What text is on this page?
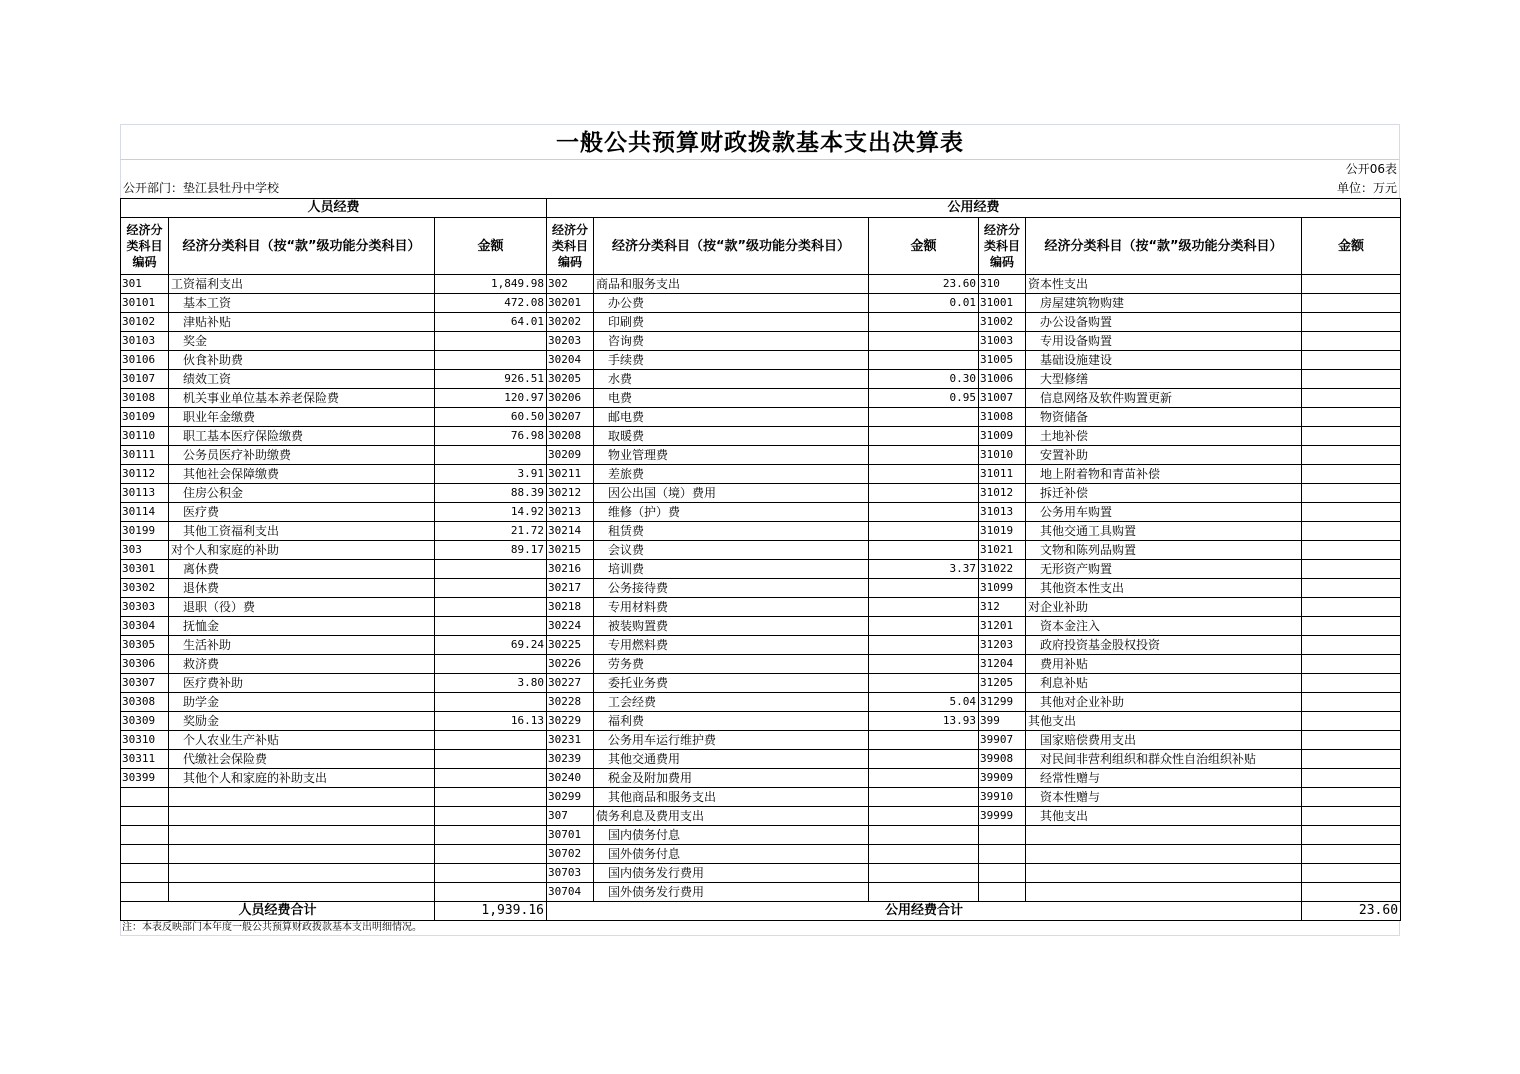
一般公共预算财政拨款基本支出决算表
公开06表
公开部门：垫江县牡丹中学校	单位：万元
人员经费			公用经费					
经济分类科目编码	经济分类科目（按“款”级功能分类科目）	金额	经济分类科目编码	经济分类科目（按“款”级功能分类科目）	金额	经济分类科目编码	经济分类科目（按“款”级功能分类科目）	金额
301	工资福利支出	1,849.98	302	商品和服务支出	23.60	310	资本性支出	
30101	基本工资	472.08	30201	办公费	0.01	31001	房屋建筑物购建	
30102	津贴补贴	64.01	30202	印刷费		31002	办公设备购置	
30103	奖金		30203	咨询费		31003	专用设备购置	
30106	伙食补助费		30204	手续费		31005	基础设施建设	
30107	绩效工资	926.51	30205	水费	0.30	31006	大型修缮	
30108	机关事业单位基本养老保险费	120.97	30206	电费	0.95	31007	信息网络及软件购置更新	
30109	职业年金缴费	60.50	30207	邮电费		31008	物资储备	
30110	职工基本医疗保险缴费	76.98	30208	取暖费		31009	土地补偿	
30111	公务员医疗补助缴费		30209	物业管理费		31010	安置补助	
30112	其他社会保障缴费	3.91	30211	差旅费		31011	地上附着物和青苗补偿	
30113	住房公积金	88.39	30212	因公出国（境）费用		31012	拆迁补偿	
30114	医疗费	14.92	30213	维修（护）费		31013	公务用车购置	
30199	其他工资福利支出	21.72	30214	租赁费		31019	其他交通工具购置	
303	对个人和家庭的补助	89.17	30215	会议费		31021	文物和陈列品购置	
30301	离休费		30216	培训费	3.37	31022	无形资产购置	
30302	退休费		30217	公务接待费		31099	其他资本性支出	
30303	退职（役）费		30218	专用材料费		312	对企业补助	
30304	抚恤金		30224	被装购置费		31201	资本金注入	
30305	生活补助	69.24	30225	专用燃料费		31203	政府投资基金股权投资	
30306	救济费		30226	劳务费		31204	费用补贴	
30307	医疗费补助	3.80	30227	委托业务费		31205	利息补贴	
30308	助学金		30228	工会经费	5.04	31299	其他对企业补助	
30309	奖励金	16.13	30229	福利费	13.93	399	其他支出	
30310	个人农业生产补贴		30231	公务用车运行维护费		39907	国家赔偿费用支出	
30311	代缴社会保险费		30239	其他交通费用		39908	对民间非营利组织和群众性自治组织补贴	
30399	其他个人和家庭的补助支出		30240	税金及附加费用		39909	经常性赠与	
			30299	其他商品和服务支出		39910	资本性赠与	
			307	债务利息及费用支出		39999	其他支出	
			30701	国内债务付息				
			30702	国外债务付息				
			30703	国内债务发行费用				
			30704	国外债务发行费用				
人员经费合计		1,939.16	公用经费合计					23.60
注：本表反映部门本年度一般公共预算财政拨款基本支出明细情况。
